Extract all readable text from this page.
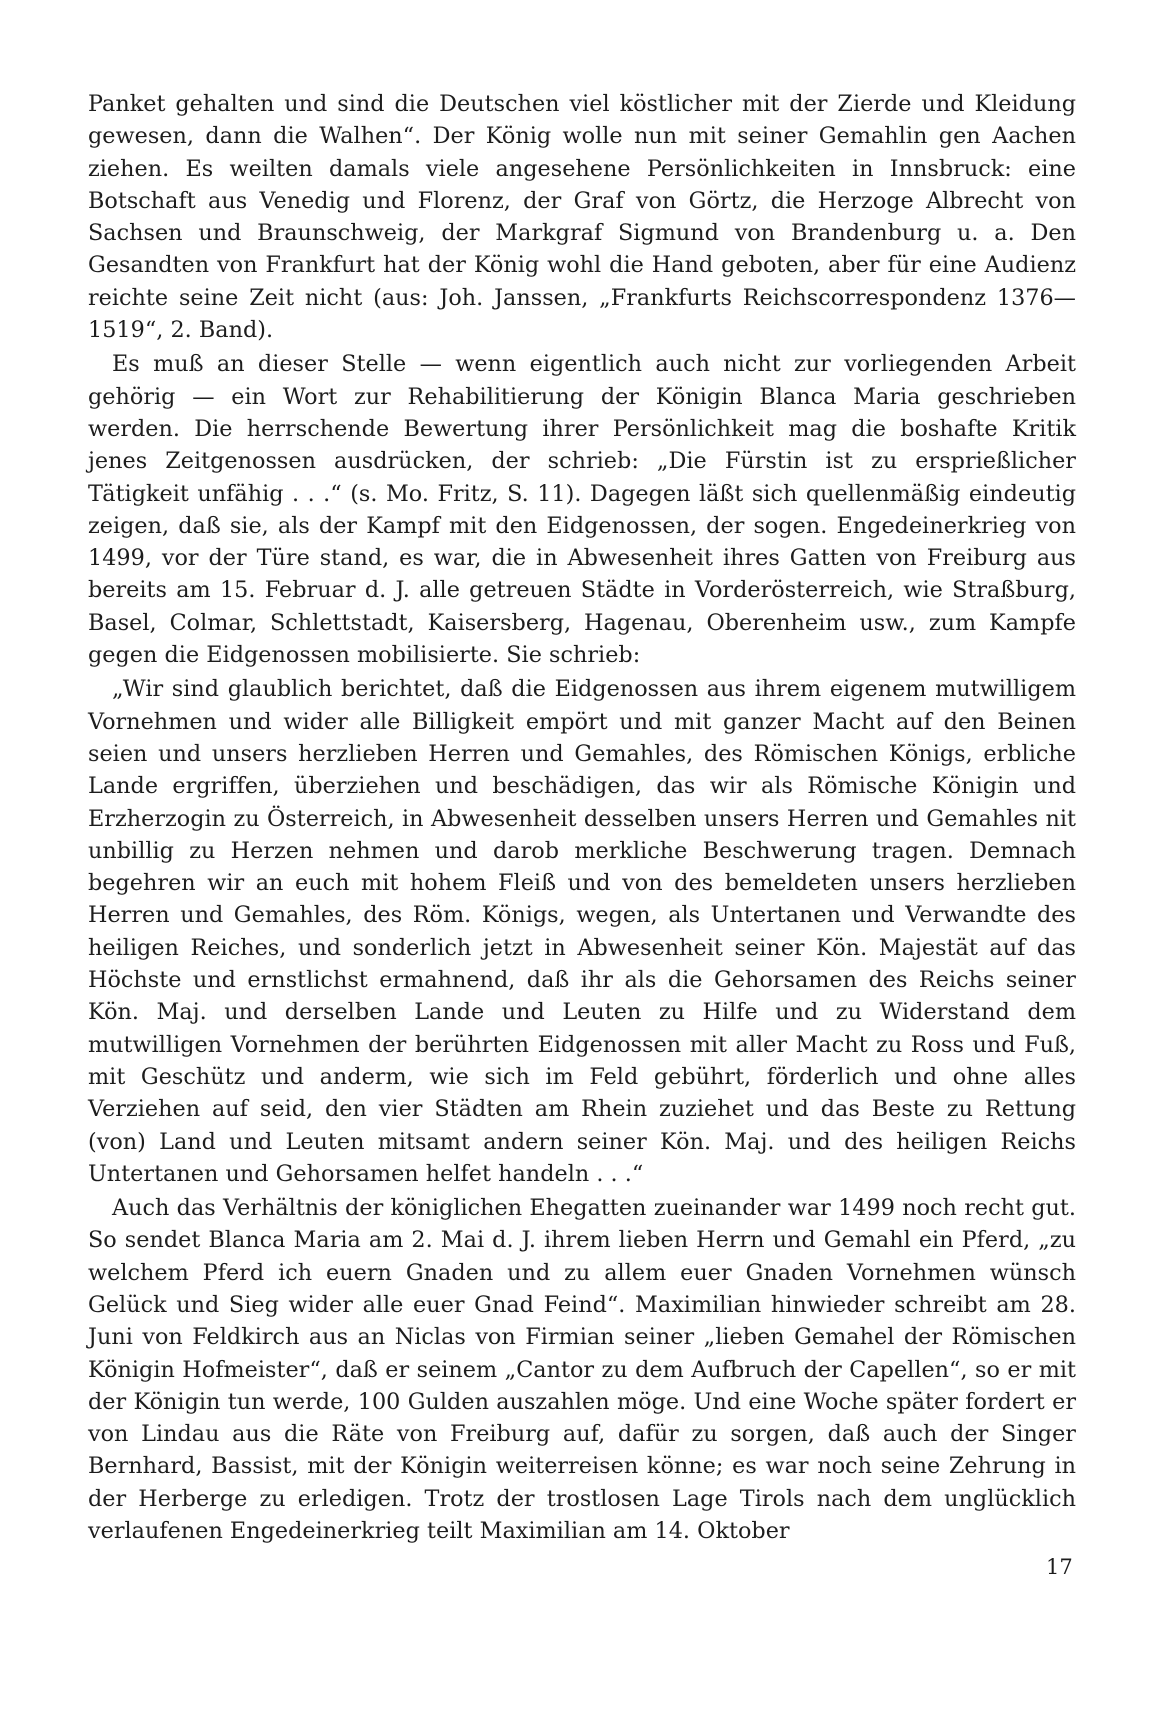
Panket gehalten und sind die Deutschen viel köstlicher mit der Zierde und Kleidung gewesen, dann die Walhen“. Der König wolle nun mit seiner Gemahlin gen Aachen ziehen. Es weilten damals viele angesehene Persönlichkeiten in Innsbruck: eine Botschaft aus Venedig und Florenz, der Graf von Görtz, die Herzoge Albrecht von Sachsen und Braunschweig, der Markgraf Sigmund von Brandenburg u. a. Den Gesandten von Frankfurt hat der König wohl die Hand geboten, aber für eine Audienz reichte seine Zeit nicht (aus: Joh. Janssen, „Frankfurts Reichscorrespondenz 1376—1519“, 2. Band).

Es muß an dieser Stelle — wenn eigentlich auch nicht zur vorliegenden Arbeit gehörig — ein Wort zur Rehabilitierung der Königin Blanca Maria geschrieben werden. Die herrschende Bewertung ihrer Persönlichkeit mag die boshafte Kritik jenes Zeitgenossen ausdrücken, der schrieb: „Die Fürstin ist zu ersprießlicher Tätigkeit unfähig . . .“ (s. Mo. Fritz, S. 11). Dagegen läßt sich quellenmäßig eindeutig zeigen, daß sie, als der Kampf mit den Eidgenossen, der sogen. Engedeinerkrieg von 1499, vor der Türe stand, es war, die in Abwesenheit ihres Gatten von Freiburg aus bereits am 15. Februar d. J. alle getreuen Städte in Vorderösterreich, wie Straßburg, Basel, Colmar, Schlettstadt, Kaisersberg, Hagenau, Oberenheim usw., zum Kampfe gegen die Eidgenossen mobilisierte. Sie schrieb:

„Wir sind glaublich berichtet, daß die Eidgenossen aus ihrem eigenem mutwilligem Vornehmen und wider alle Billigkeit empört und mit ganzer Macht auf den Beinen seien und unsers herzlieben Herren und Gemahles, des Römischen Königs, erbliche Lande ergriffen, überziehen und beschädigen, das wir als Römische Königin und Erzherzogin zu Österreich, in Abwesenheit desselben unsers Herren und Gemahles nit unbillig zu Herzen nehmen und darob merkliche Beschwerung tragen. Demnach begehren wir an euch mit hohem Fleiß und von des bemeldeten unsers herzlieben Herren und Gemahles, des Röm. Königs, wegen, als Untertanen und Verwandte des heiligen Reiches, und sonderlich jetzt in Abwesenheit seiner Kön. Majestät auf das Höchste und ernstlichst ermahnend, daß ihr als die Gehorsamen des Reichs seiner Kön. Maj. und derselben Lande und Leuten zu Hilfe und zu Widerstand dem mutwilligen Vornehmen der berührten Eidgenossen mit aller Macht zu Ross und Fuß, mit Geschütz und anderm, wie sich im Feld gebührt, förderlich und ohne alles Verziehen auf seid, den vier Städten am Rhein zuziehet und das Beste zu Rettung (von) Land und Leuten mitsamt andern seiner Kön. Maj. und des heiligen Reichs Untertanen und Gehorsamen helfet handeln . . .“

Auch das Verhältnis der königlichen Ehegatten zueinander war 1499 noch recht gut. So sendet Blanca Maria am 2. Mai d. J. ihrem lieben Herrn und Gemahl ein Pferd, „zu welchem Pferd ich euern Gnaden und zu allem euer Gnaden Vornehmen wünsch Gelück und Sieg wider alle euer Gnad Feind“. Maximilian hinwieder schreibt am 28. Juni von Feldkirch aus an Niclas von Firmian seiner „lieben Gemahel der Römischen Königin Hofmeister“, daß er seinem „Cantor zu dem Aufbruch der Capellen“, so er mit der Königin tun werde, 100 Gulden auszahlen möge. Und eine Woche später fordert er von Lindau aus die Räte von Freiburg auf, dafür zu sorgen, daß auch der Singer Bernhard, Bassist, mit der Königin weiterreisen könne; es war noch seine Zehrung in der Herberge zu erledigen. Trotz der trostlosen Lage Tirols nach dem unglücklich verlaufenen Engedeinerkrieg teilt Maximilian am 14. Oktober

17
